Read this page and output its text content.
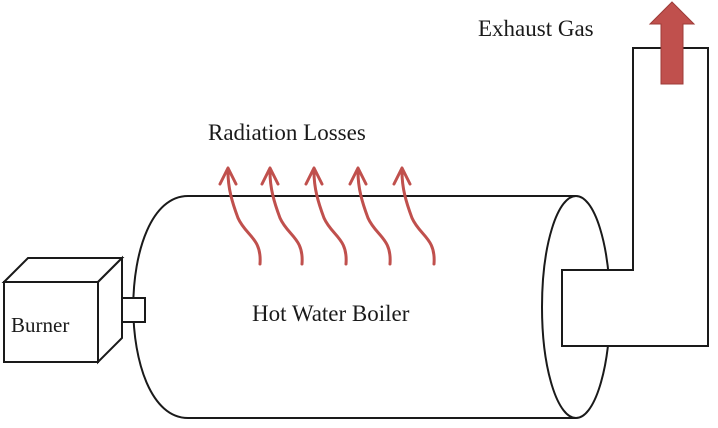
Exhaust Gas
Radiation Losses
Hot Water Boiler
Burner
